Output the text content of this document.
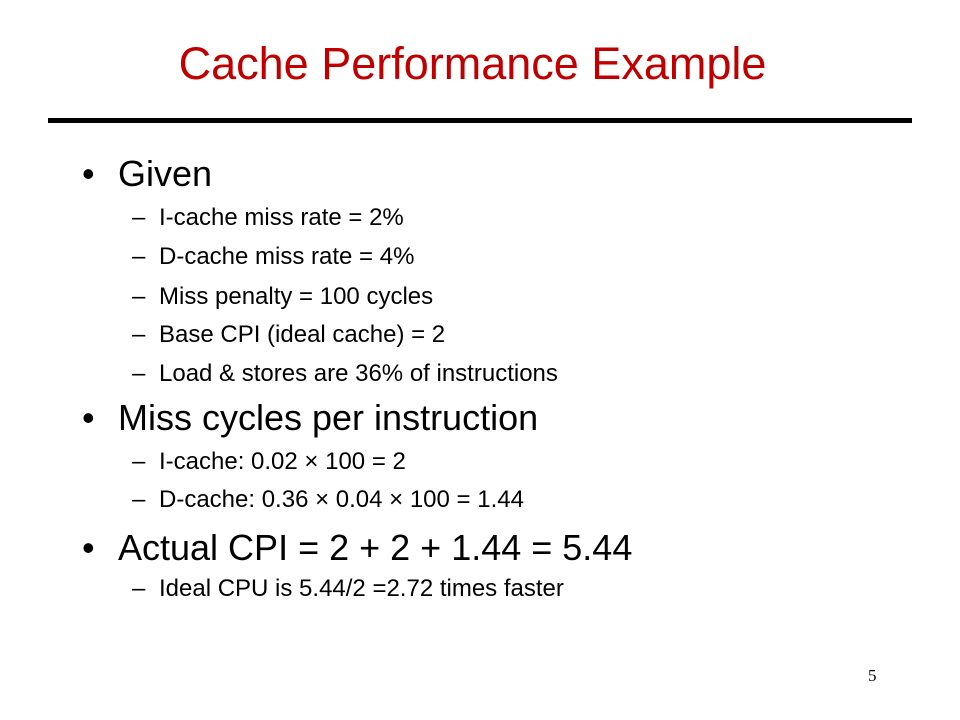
Cache Performance Example
• Given
– I-cache miss rate = 2%
– D-cache miss rate = 4%
– Miss penalty = 100 cycles
– Base CPI (ideal cache) = 2
– Load & stores are 36% of instructions
• Miss cycles per instruction
– I-cache: 0.02 × 100 = 2
– D-cache: 0.36 × 0.04 × 100 = 1.44
• Actual CPI = 2 + 2 + 1.44 = 5.44
– Ideal CPU is 5.44/2 =2.72 times faster
5
